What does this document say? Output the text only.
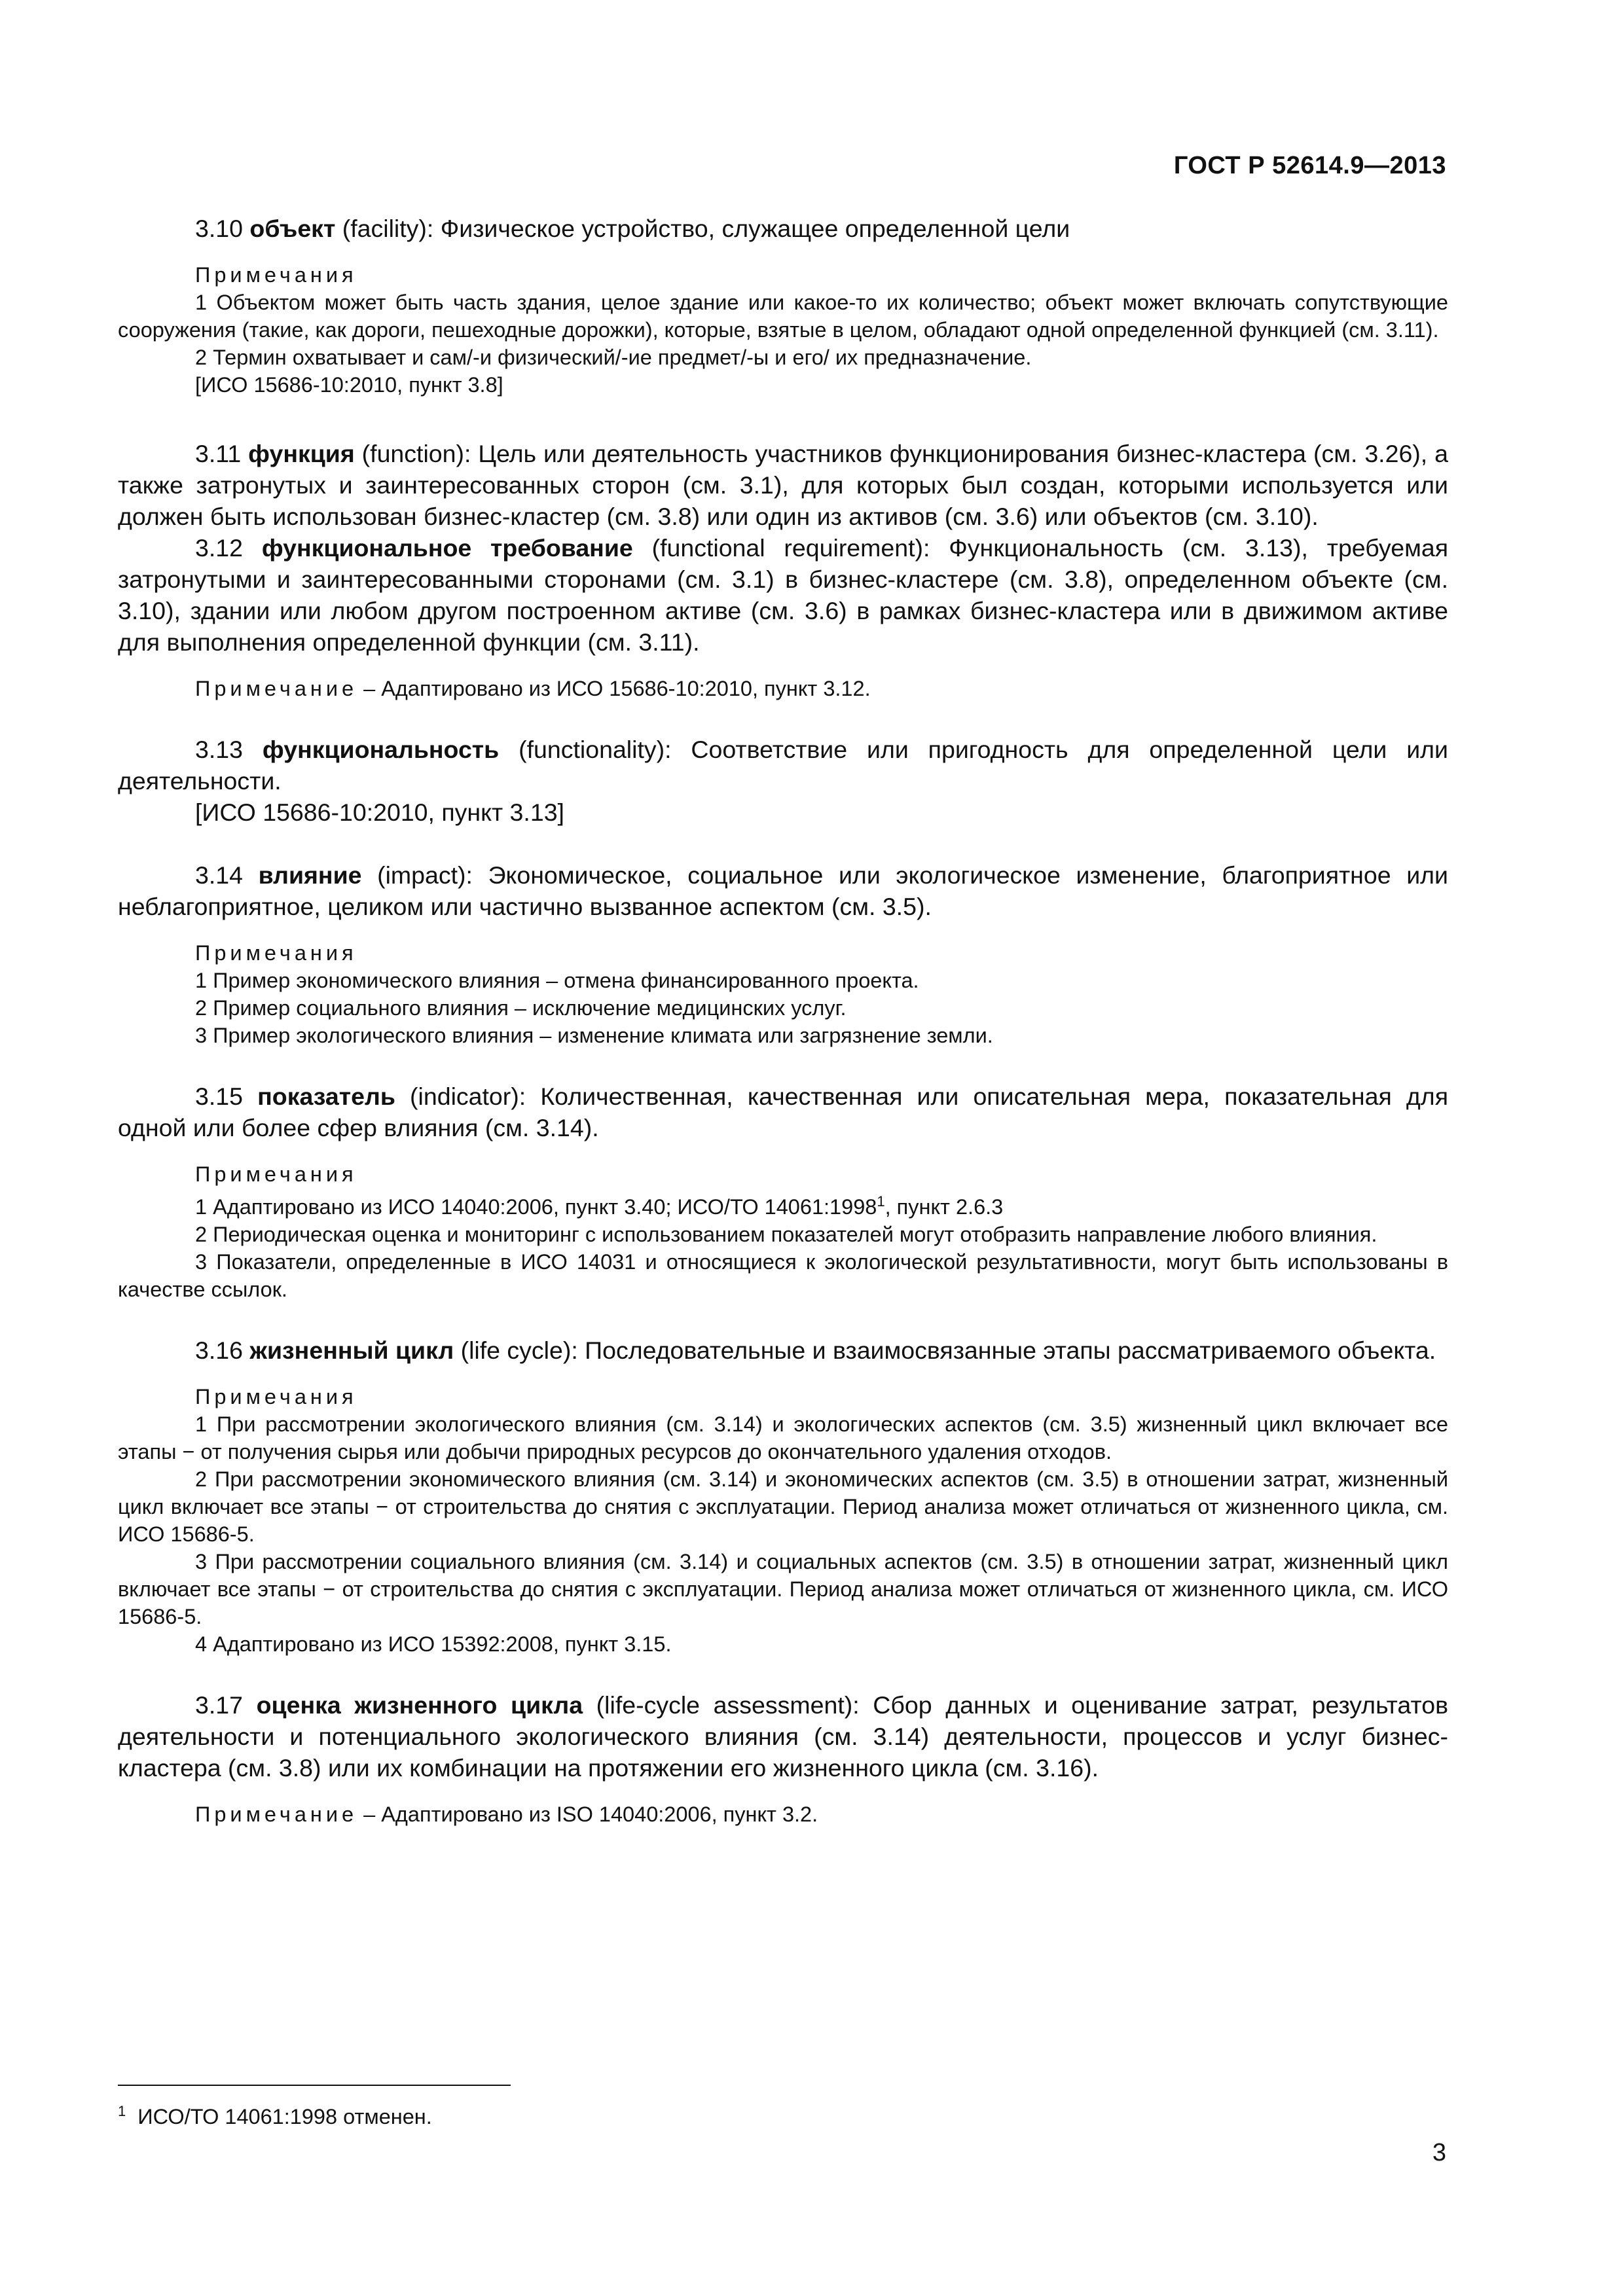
ГОСТ Р 52614.9—2013

3.10 объект (facility): Физическое устройство, служащее определенной цели

Примечания

1 Объектом может быть часть здания, целое здание или какое-то их количество; объект может включать сопутствующие сооружения (такие, как дороги, пешеходные дорожки), которые, взятые в целом, обладают одной определенной функцией (см. 3.11).

2 Термин охватывает и сам/-и физический/-ие предмет/-ы и его/ их предназначение.

[ИСО 15686-10:2010, пункт 3.8]

3.11 функция (function): Цель или деятельность участников функционирования бизнес-кластера (см. 3.26), а также затронутых и заинтересованных сторон (см. 3.1), для которых был создан, которыми используется или должен быть использован бизнес-кластер (см. 3.8) или один из активов (см. 3.6) или объектов (см. 3.10).

3.12 функциональное требование (functional requirement): Функциональность (см. 3.13), требуемая затронутыми и заинтересованными сторонами (см. 3.1) в бизнес-кластере (см. 3.8), определенном объекте (см. 3.10), здании или любом другом построенном активе (см. 3.6) в рамках бизнес-кластера или в движимом активе для выполнения определенной функции (см. 3.11).

Примечание – Адаптировано из ИСО 15686-10:2010, пункт 3.12.

3.13 функциональность (functionality): Соответствие или пригодность для определенной цели или деятельности.

[ИСО 15686-10:2010, пункт 3.13]

3.14 влияние (impact): Экономическое, социальное или экологическое изменение, благоприятное или неблагоприятное, целиком или частично вызванное аспектом (см. 3.5).

Примечания

1 Пример экономического влияния – отмена финансированного проекта.

2 Пример социального влияния – исключение медицинских услуг.

3 Пример экологического влияния – изменение климата или загрязнение земли.

3.15 показатель (indicator): Количественная, качественная или описательная мера, показательная для одной или более сфер влияния (см. 3.14).

Примечания

1 Адаптировано из ИСО 14040:2006, пункт 3.40; ИСО/ТО 14061:1998$^1$, пункт 2.6.3

2 Периодическая оценка и мониторинг с использованием показателей могут отобразить направление любого влияния.

3 Показатели, определенные в ИСО 14031 и относящиеся к экологической результативности, могут быть использованы в качестве ссылок.

3.16 жизненный цикл (life cycle): Последовательные и взаимосвязанные этапы рассматриваемого объекта.

Примечания

1 При рассмотрении экологического влияния (см. 3.14) и экологических аспектов (см. 3.5) жизненный цикл включает все этапы − от получения сырья или добычи природных ресурсов до окончательного удаления отходов.

2 При рассмотрении экономического влияния (см. 3.14) и экономических аспектов (см. 3.5) в отношении затрат, жизненный цикл включает все этапы − от строительства до снятия с эксплуатации. Период анализа может отличаться от жизненного цикла, см. ИСО 15686-5.

3 При рассмотрении социального влияния (см. 3.14) и социальных аспектов (см. 3.5) в отношении затрат, жизненный цикл включает все этапы − от строительства до снятия с эксплуатации. Период анализа может отличаться от жизненного цикла, см. ИСО 15686-5.

4 Адаптировано из ИСО 15392:2008, пункт 3.15.

3.17 оценка жизненного цикла (life-cycle assessment): Сбор данных и оценивание затрат, результатов деятельности и потенциального экологического влияния (см. 3.14) деятельности, процессов и услуг бизнес-кластера (см. 3.8) или их комбинации на протяжении его жизненного цикла (см. 3.16).

Примечание – Адаптировано из ISO 14040:2006, пункт 3.2.

$^1$ ИСО/ТО 14061:1998 отменен.
3
